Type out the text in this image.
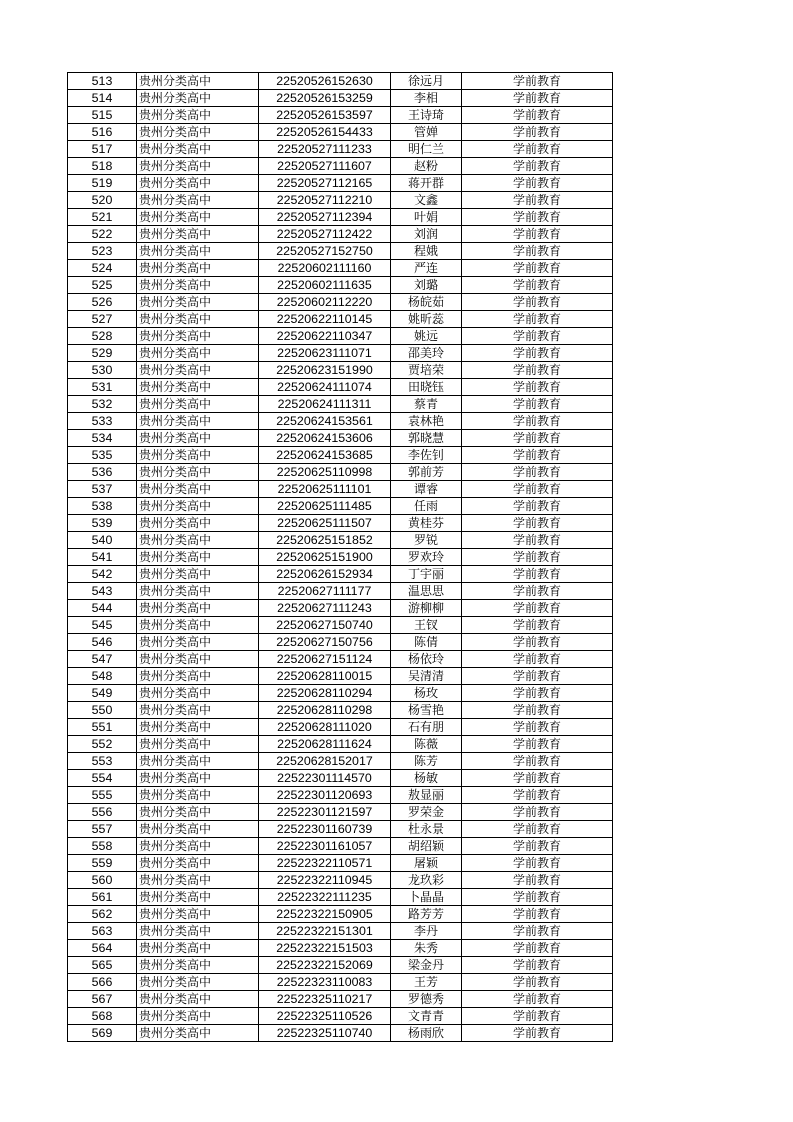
513	贵州分类高中	22520526152630	徐远月	学前教育
514	贵州分类高中	22520526153259	李相	学前教育
515	贵州分类高中	22520526153597	王诗琦	学前教育
516	贵州分类高中	22520526154433	管婵	学前教育
517	贵州分类高中	22520527111233	明仁兰	学前教育
518	贵州分类高中	22520527111607	赵粉	学前教育
519	贵州分类高中	22520527112165	蒋开群	学前教育
520	贵州分类高中	22520527112210	文鑫	学前教育
521	贵州分类高中	22520527112394	叶娟	学前教育
522	贵州分类高中	22520527112422	刘润	学前教育
523	贵州分类高中	22520527152750	程娥	学前教育
524	贵州分类高中	22520602111160	严连	学前教育
525	贵州分类高中	22520602111635	刘璐	学前教育
526	贵州分类高中	22520602112220	杨皖茹	学前教育
527	贵州分类高中	22520622110145	姚昕蕊	学前教育
528	贵州分类高中	22520622110347	姚远	学前教育
529	贵州分类高中	22520623111071	邵美玲	学前教育
530	贵州分类高中	22520623151990	贾培荣	学前教育
531	贵州分类高中	22520624111074	田晓钰	学前教育
532	贵州分类高中	22520624111311	蔡青	学前教育
533	贵州分类高中	22520624153561	袁林艳	学前教育
534	贵州分类高中	22520624153606	郭晓慧	学前教育
535	贵州分类高中	22520624153685	李佐钊	学前教育
536	贵州分类高中	22520625110998	郭前芳	学前教育
537	贵州分类高中	22520625111101	谭睿	学前教育
538	贵州分类高中	22520625111485	任雨	学前教育
539	贵州分类高中	22520625111507	黄桂芬	学前教育
540	贵州分类高中	22520625151852	罗锐	学前教育
541	贵州分类高中	22520625151900	罗欢玲	学前教育
542	贵州分类高中	22520626152934	丁宇丽	学前教育
543	贵州分类高中	22520627111177	温思思	学前教育
544	贵州分类高中	22520627111243	游柳柳	学前教育
545	贵州分类高中	22520627150740	王钗	学前教育
546	贵州分类高中	22520627150756	陈倩	学前教育
547	贵州分类高中	22520627151124	杨依玲	学前教育
548	贵州分类高中	22520628110015	吴清清	学前教育
549	贵州分类高中	22520628110294	杨玫	学前教育
550	贵州分类高中	22520628110298	杨雪艳	学前教育
551	贵州分类高中	22520628111020	石有朋	学前教育
552	贵州分类高中	22520628111624	陈薇	学前教育
553	贵州分类高中	22520628152017	陈芳	学前教育
554	贵州分类高中	22522301114570	杨敏	学前教育
555	贵州分类高中	22522301120693	敖显丽	学前教育
556	贵州分类高中	22522301121597	罗荣金	学前教育
557	贵州分类高中	22522301160739	杜永景	学前教育
558	贵州分类高中	22522301161057	胡绍颖	学前教育
559	贵州分类高中	22522322110571	屠颖	学前教育
560	贵州分类高中	22522322110945	龙玖彩	学前教育
561	贵州分类高中	22522322111235	卜晶晶	学前教育
562	贵州分类高中	22522322150905	路芳芳	学前教育
563	贵州分类高中	22522322151301	李丹	学前教育
564	贵州分类高中	22522322151503	朱秀	学前教育
565	贵州分类高中	22522322152069	梁金丹	学前教育
566	贵州分类高中	22522323110083	王芳	学前教育
567	贵州分类高中	22522325110217	罗德秀	学前教育
568	贵州分类高中	22522325110526	文青青	学前教育
569	贵州分类高中	22522325110740	杨雨欣	学前教育
